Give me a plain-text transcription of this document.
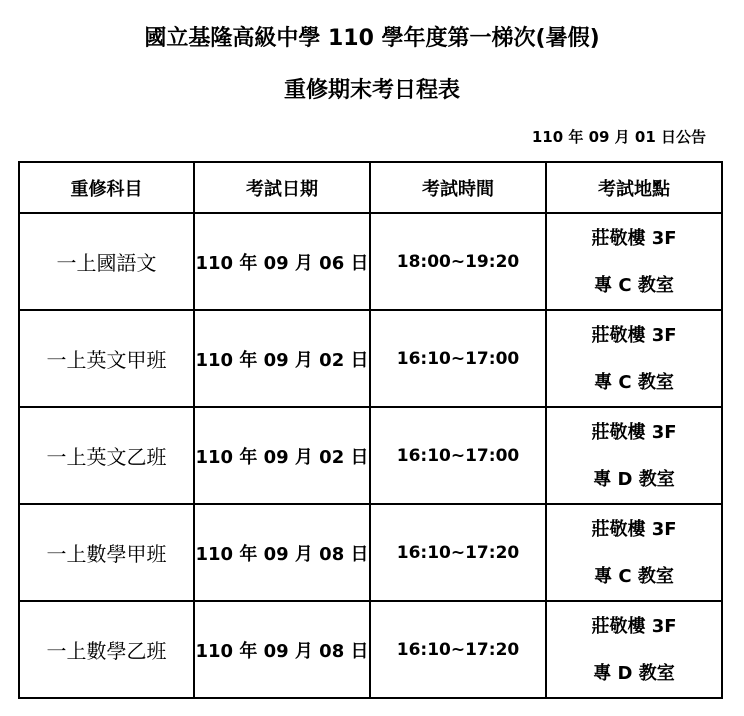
國立基隆高級中學 110 學年度第一梯次(暑假)
重修期末考日程表
110 年 09 月 01 日公告
重修科目	考試日期	考試時間	考試地點
一上國語文	110 年 09 月 06 日	18:00~19:20	莊敬樓 3F
專 C 教室

一上英文甲班	110 年 09 月 02 日	16:10~17:00	莊敬樓 3F
專 C 教室

一上英文乙班	110 年 09 月 02 日	16:10~17:00	莊敬樓 3F
專 D 教室

一上數學甲班	110 年 09 月 08 日	16:10~17:20	莊敬樓 3F
專 C 教室

一上數學乙班	110 年 09 月 08 日	16:10~17:20	莊敬樓 3F
專 D 教室
